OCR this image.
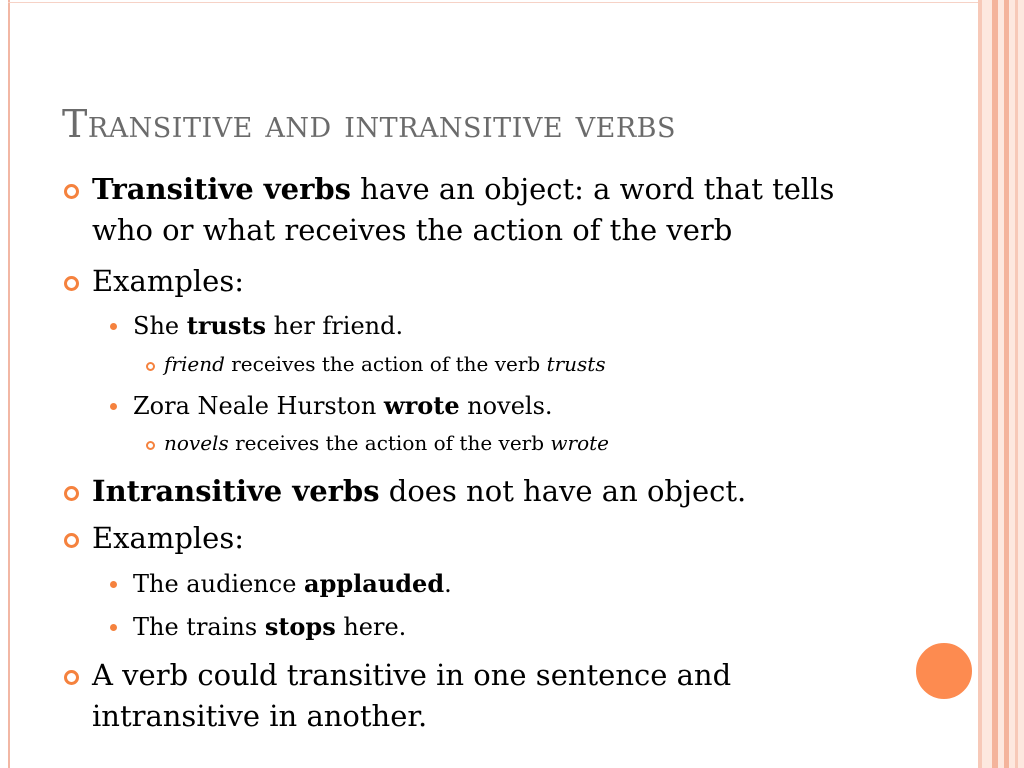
Transitive and intransitive verbs
Transitive verbs have an object: a word that tells who or what receives the action of the verb
Examples:
She trusts her friend.
friend receives the action of the verb trusts
Zora Neale Hurston wrote novels.
novels receives the action of the verb wrote
Intransitive verbs does not have an object.
Examples:
The audience applauded.
The trains stops here.
A verb could transitive in one sentence and intransitive in another.
